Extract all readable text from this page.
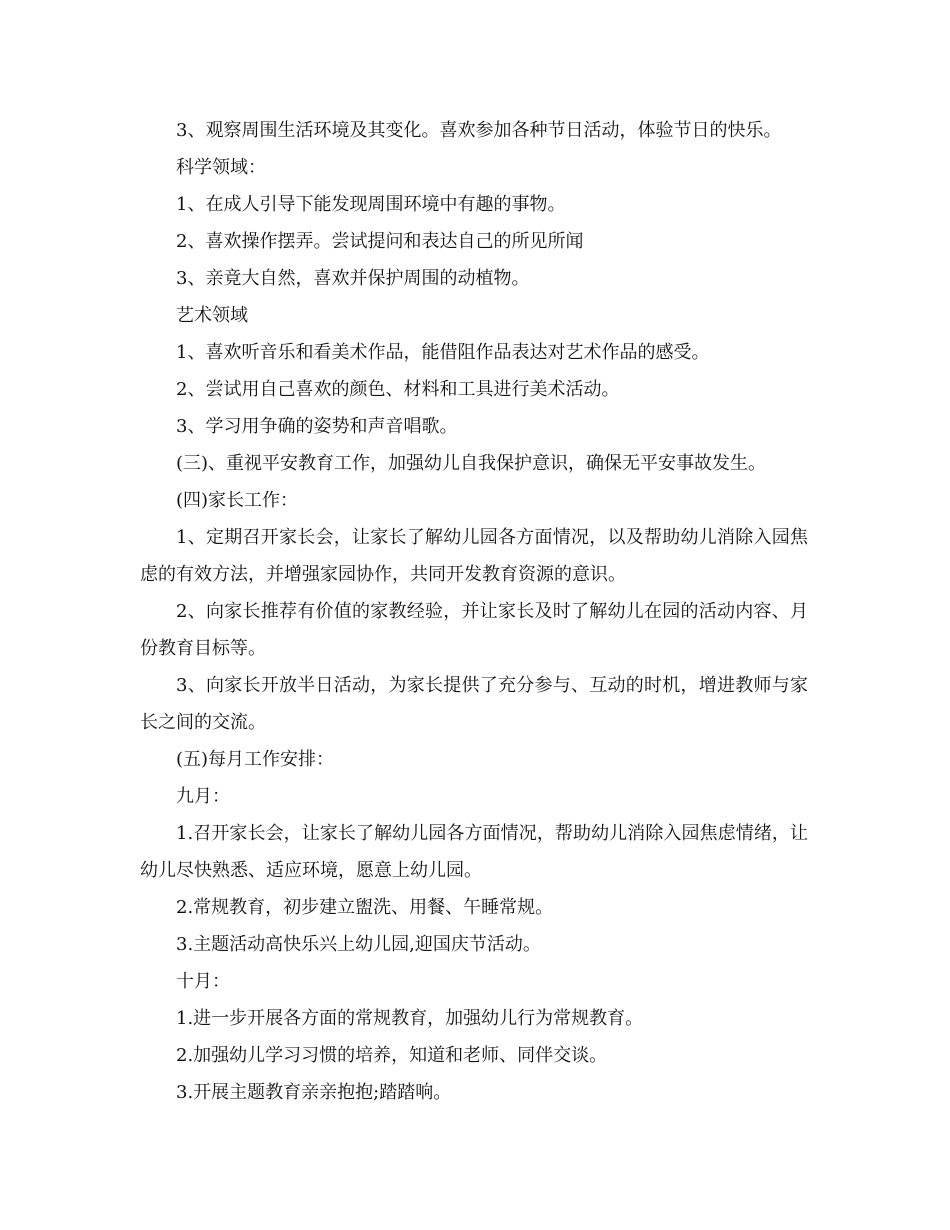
3、观察周围生活环境及其变化。喜欢参加各种节日活动，体验节日的快乐。

科学领域：

1、在成人引导下能发现周围环境中有趣的事物。

2、喜欢操作摆弄。尝试提问和表达自己的所见所闻

3、亲竟大自然，喜欢并保护周围的动植物。

艺术领域

1、喜欢听音乐和看美术作品，能借阻作品表达对艺术作品的感受。

2、尝试用自己喜欢的颜色、材料和工具进行美术活动。

3、学习用争确的姿势和声音唱歌。

(三)、重视平安教育工作，加强幼儿自我保护意识，确保无平安事故发生。

(四)家长工作：

1、定期召开家长会，让家长了解幼儿园各方面情况，以及帮助幼儿消除入园焦虑的有效方法，并增强家园协作，共同开发教育资源的意识。

2、向家长推荐有价值的家教经验，并让家长及时了解幼儿在园的活动内容、月份教育目标等。

3、向家长开放半日活动，为家长提供了充分参与、互动的时机，增进教师与家长之间的交流。

(五)每月工作安排：

九月：

1.召开家长会，让家长了解幼儿园各方面情况，帮助幼儿消除入园焦虑情绪，让幼儿尽快熟悉、适应环境，愿意上幼儿园。

2.常规教育，初步建立盥洗、用餐、午睡常规。

3.主题活动高快乐兴上幼儿园,迎国庆节活动。

十月：

1.进一步开展各方面的常规教育，加强幼儿行为常规教育。

2.加强幼儿学习习惯的培养，知道和老师、同伴交谈。

3.开展主题教育亲亲抱抱;踏踏响。
